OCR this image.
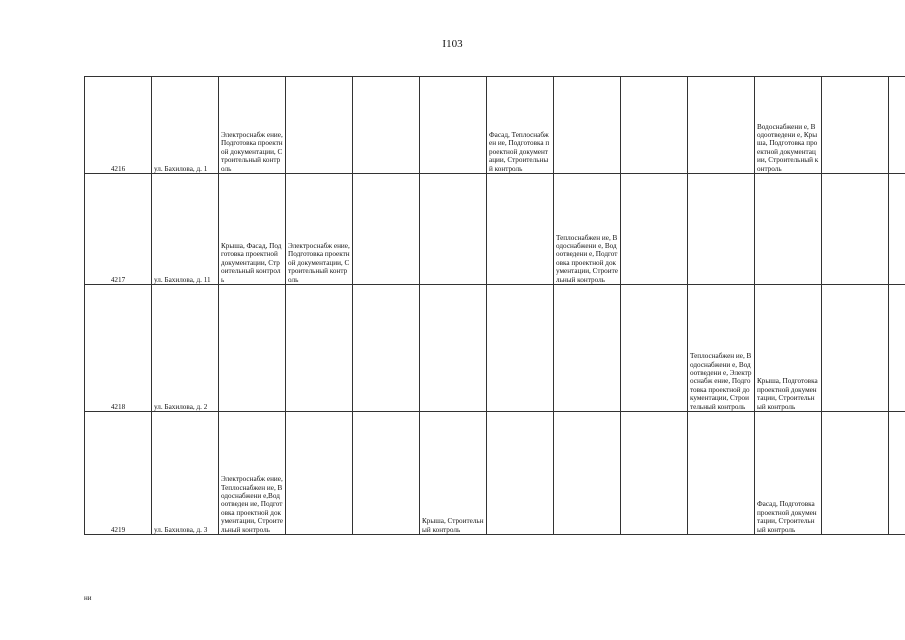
I103
4216	ул. Бахилова, д. 1	Электроснабж ение, Подготовка проектной документации, Строительный контроль				Фасад, Теплоснабжен ие, Подготовка проектной документации, Строительный контроль				Водоснабжени е, Водоотведени е, Крыша, Подготовка проектной документации, Строительный контроль		
4217	ул. Бахилова, д. 11	Крыша, Фасад, Подготовка проектной документации, Строительный контроль	Электроснабж ение, Подготовка проектной документации, Строительный контроль				Теплоснабжен ие, Водоснабжени е, Водоотведени е, Подготовка проектной документации, Строительный контроль					
4218	ул. Бахилова, д. 2								Теплоснабжен ие, Водоснабжени е, Водоотведени е, Электроснабж ение, Подготовка проектной документации, Строительный контроль	Крыша, Подготовка проектной документации, Строительный контроль		
4219	ул. Бахилова, д. 3	Электроснабж ение, Теплоснабжен ие, Водоснабжени е,Водоотведен ие, Подготовка проектной документации, Строительный контроль			Крыша, Строительный контроль					Фасад, Подготовка проектной документации, Строительный контроль		
ни
